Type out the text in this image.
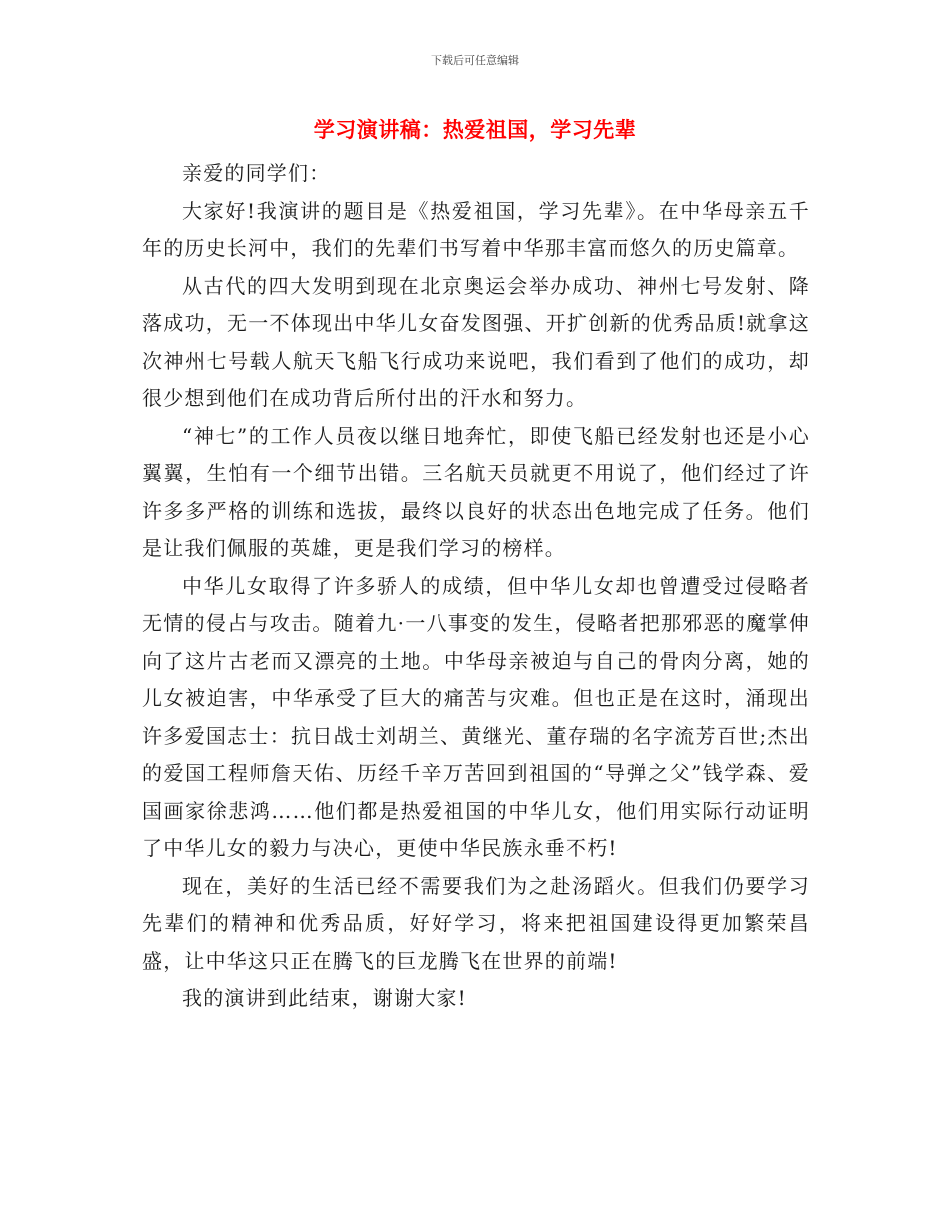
下载后可任意编辑
学习演讲稿：热爱祖国，学习先辈

亲爱的同学们：

大家好!我演讲的题目是《热爱祖国，学习先辈》。在中华母亲五千年的历史长河中，我们的先辈们书写着中华那丰富而悠久的历史篇章。

从古代的四大发明到现在北京奥运会举办成功、神州七号发射、降落成功，无一不体现出中华儿女奋发图强、开扩创新的优秀品质!就拿这次神州七号载人航天飞船飞行成功来说吧，我们看到了他们的成功，却很少想到他们在成功背后所付出的汗水和努力。

“神七”的工作人员夜以继日地奔忙，即使飞船已经发射也还是小心翼翼，生怕有一个细节出错。三名航天员就更不用说了，他们经过了许许多多严格的训练和选拔，最终以良好的状态出色地完成了任务。他们是让我们佩服的英雄，更是我们学习的榜样。

中华儿女取得了许多骄人的成绩，但中华儿女却也曾遭受过侵略者无情的侵占与攻击。随着九·一八事变的发生，侵略者把那邪恶的魔掌伸向了这片古老而又漂亮的土地。中华母亲被迫与自己的骨肉分离，她的儿女被迫害，中华承受了巨大的痛苦与灾难。但也正是在这时，涌现出许多爱国志士：抗日战士刘胡兰、黄继光、董存瑞的名字流芳百世;杰出的爱国工程师詹天佑、历经千辛万苦回到祖国的“导弹之父”钱学森、爱国画家徐悲鸿……他们都是热爱祖国的中华儿女，他们用实际行动证明了中华儿女的毅力与决心，更使中华民族永垂不朽!

现在，美好的生活已经不需要我们为之赴汤蹈火。但我们仍要学习先辈们的精神和优秀品质，好好学习，将来把祖国建设得更加繁荣昌盛，让中华这只正在腾飞的巨龙腾飞在世界的前端!

我的演讲到此结束，谢谢大家!
